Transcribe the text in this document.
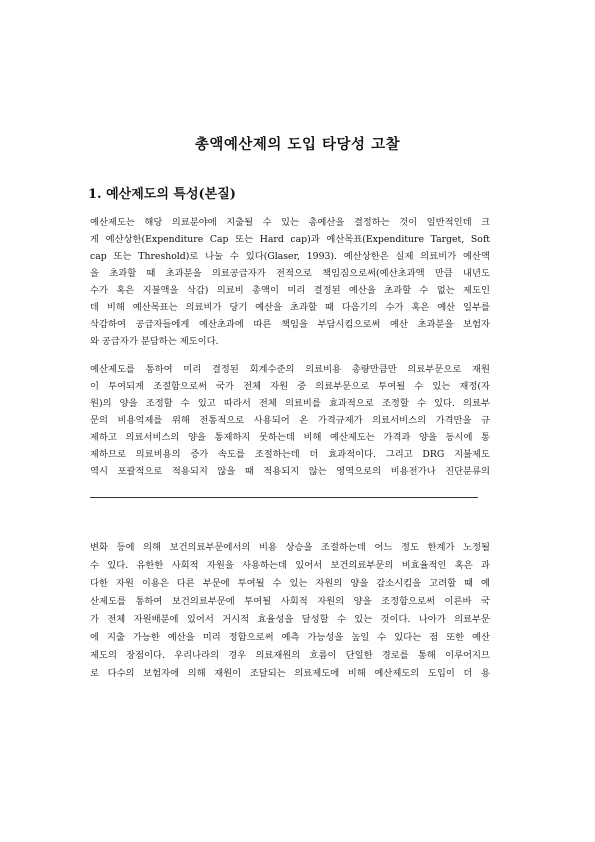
총액예산제의 도입 타당성 고찰
1. 예산제도의 특성(본질)
예산제도는 해당 의료분야에 지출될 수 있는 총예산을 결정하는 것이 일반적인데 크
게 예산상한(Expenditure Cap 또는 Hard cap)과 예산목표(Expenditure Target, Soft
cap 또는 Threshold)로 나눌 수 있다(Glaser, 1993). 예산상한은 실제 의료비가 예산액
을 초과할 때 초과분을 의료공급자가 전적으로 책임짐으로써(예산초과액 만큼 내년도
수가 혹은 지불액을 삭감) 의료비 총액이 미리 결정된 예산을 초과할 수 없는 제도인
데 비해 예산목표는 의료비가 당기 예산을 초과할 때 다음기의 수가 혹은 예산 일부를
삭감하여 공급자들에게 예산초과에 따른 책임을 부담시킴으로써 예산 초과분을 보험자
와 공급자가 분담하는 제도이다.
예산제도를 통하여 미리 결정된 회계수준의 의료비용 총량만큼만 의료부문으로 재원
이 투여되게 조절함으로써 국가 전체 자원 중 의료부문으로 투여될 수 있는 재정(자
원)의 양을 조정할 수 있고 따라서 전체 의료비를 효과적으로 조정할 수 있다. 의료부
문의 비용억제를 위해 전통적으로 사용되어 온 가격규제가 의료서비스의 가격만을 규
제하고 의료서비스의 양을 통제하지 못하는데 비해 예산제도는 가격과 양을 동시에 통
제하므로 의료비용의 증가 속도를 조절하는데 더 효과적이다. 그리고 DRG 지불제도
역시 포괄적으로 적용되지 않을 때 적용되지 않는 영역으로의 비용전가나 진단분류의
변화 등에 의해 보건의료부문에서의 비용 상승을 조절하는데 어느 정도 한계가 노정될
수 있다. 유한한 사회적 자원을 사용하는데 있어서 보건의료부문의 비효율적인 혹은 과
다한 자원 이용은 다른 부문에 투여될 수 있는 자원의 양을 감소시킴을 고려할 때 예
산제도를 통하여 보건의료부문에 투여될 사회적 자원의 양을 조정함으로써 이른바 국
가 전체 자원배분에 있어서 거시적 효율성을 달성할 수 있는 것이다. 나아가 의료부문
에 지출 가능한 예산을 미리 정함으로써 예측 가능성을 높일 수 있다는 점 또한 예산
제도의 장점이다. 우리나라의 경우 의료재원의 흐름이 단일한 경로를 통해 이루어지므
로 다수의 보험자에 의해 재원이 조달되는 의료제도에 비해 예산제도의 도입이 더 용
